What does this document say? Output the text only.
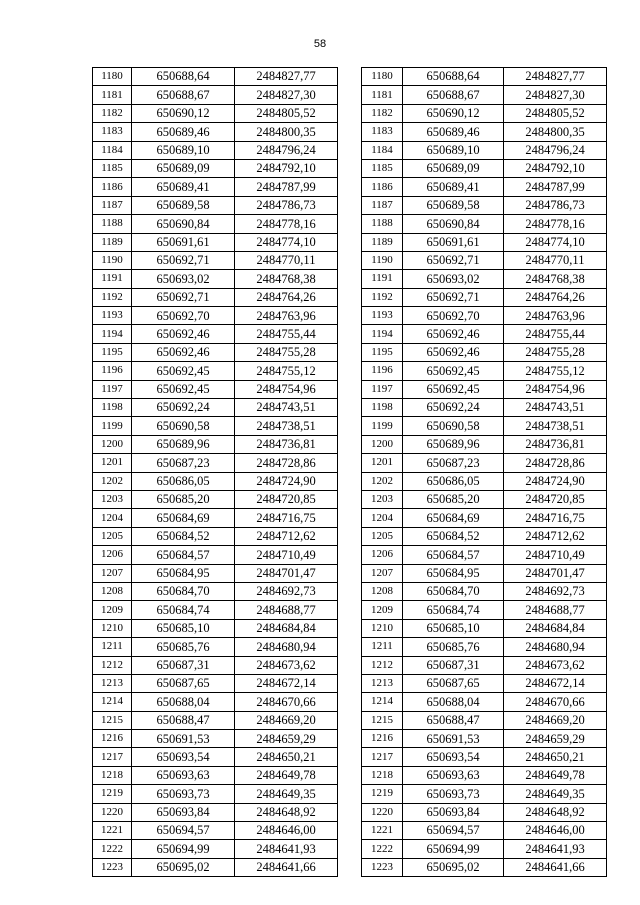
58
1180	650688,64	2484827,77
1181	650688,67	2484827,30
1182	650690,12	2484805,52
1183	650689,46	2484800,35
1184	650689,10	2484796,24
1185	650689,09	2484792,10
1186	650689,41	2484787,99
1187	650689,58	2484786,73
1188	650690,84	2484778,16
1189	650691,61	2484774,10
1190	650692,71	2484770,11
1191	650693,02	2484768,38
1192	650692,71	2484764,26
1193	650692,70	2484763,96
1194	650692,46	2484755,44
1195	650692,46	2484755,28
1196	650692,45	2484755,12
1197	650692,45	2484754,96
1198	650692,24	2484743,51
1199	650690,58	2484738,51
1200	650689,96	2484736,81
1201	650687,23	2484728,86
1202	650686,05	2484724,90
1203	650685,20	2484720,85
1204	650684,69	2484716,75
1205	650684,52	2484712,62
1206	650684,57	2484710,49
1207	650684,95	2484701,47
1208	650684,70	2484692,73
1209	650684,74	2484688,77
1210	650685,10	2484684,84
1211	650685,76	2484680,94
1212	650687,31	2484673,62
1213	650687,65	2484672,14
1214	650688,04	2484670,66
1215	650688,47	2484669,20
1216	650691,53	2484659,29
1217	650693,54	2484650,21
1218	650693,63	2484649,78
1219	650693,73	2484649,35
1220	650693,84	2484648,92
1221	650694,57	2484646,00
1222	650694,99	2484641,93
1223	650695,02	2484641,66
1180	650688,64	2484827,77
1181	650688,67	2484827,30
1182	650690,12	2484805,52
1183	650689,46	2484800,35
1184	650689,10	2484796,24
1185	650689,09	2484792,10
1186	650689,41	2484787,99
1187	650689,58	2484786,73
1188	650690,84	2484778,16
1189	650691,61	2484774,10
1190	650692,71	2484770,11
1191	650693,02	2484768,38
1192	650692,71	2484764,26
1193	650692,70	2484763,96
1194	650692,46	2484755,44
1195	650692,46	2484755,28
1196	650692,45	2484755,12
1197	650692,45	2484754,96
1198	650692,24	2484743,51
1199	650690,58	2484738,51
1200	650689,96	2484736,81
1201	650687,23	2484728,86
1202	650686,05	2484724,90
1203	650685,20	2484720,85
1204	650684,69	2484716,75
1205	650684,52	2484712,62
1206	650684,57	2484710,49
1207	650684,95	2484701,47
1208	650684,70	2484692,73
1209	650684,74	2484688,77
1210	650685,10	2484684,84
1211	650685,76	2484680,94
1212	650687,31	2484673,62
1213	650687,65	2484672,14
1214	650688,04	2484670,66
1215	650688,47	2484669,20
1216	650691,53	2484659,29
1217	650693,54	2484650,21
1218	650693,63	2484649,78
1219	650693,73	2484649,35
1220	650693,84	2484648,92
1221	650694,57	2484646,00
1222	650694,99	2484641,93
1223	650695,02	2484641,66
